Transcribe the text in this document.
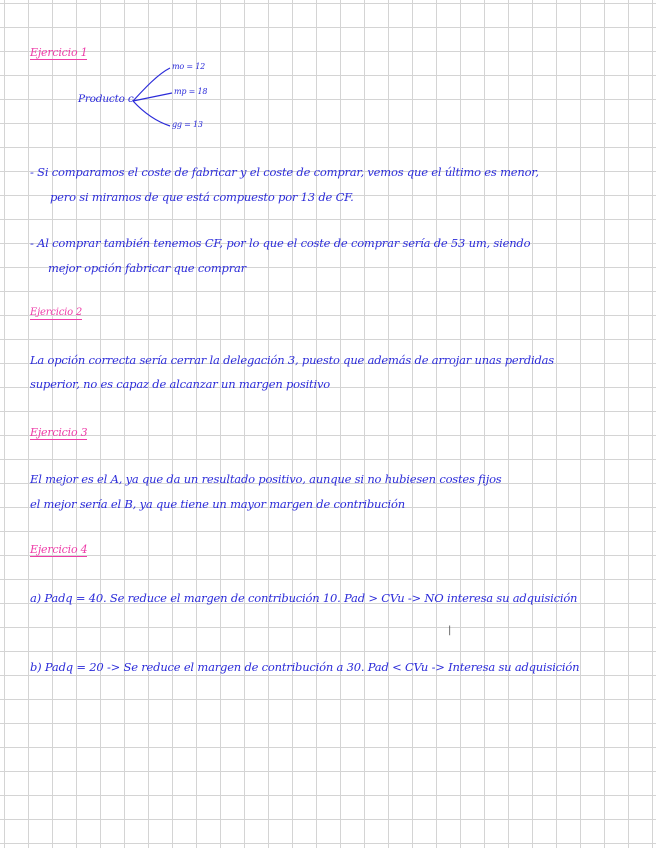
Ejercicio 1
Producto c
mo = 12
mp = 18
gg = 13
- Si comparamos el coste de fabricar y el coste de comprar, vemos que el último es menor,
pero si miramos de que está compuesto por 13 de CF.
- Al comprar también tenemos CF, por lo que el coste de comprar sería de 53 um, siendo
mejor opción fabricar que comprar
Ejercicio 2
La opción correcta sería cerrar la delegación 3, puesto que además de arrojar unas perdidas
superior, no es capaz de alcanzar un margen positivo
Ejercicio 3
El mejor es el A, ya que da un resultado positivo, aunque si no hubiesen costes fijos
el mejor sería el B, ya que tiene un mayor margen de contribución
Ejercicio 4
a) Padq = 40. Se reduce el margen de contribución 10. Pad > CVu -> NO interesa su adquisición
|
b) Padq = 20 -> Se reduce el margen de contribución a 30. Pad < CVu -> Interesa su adquisición
